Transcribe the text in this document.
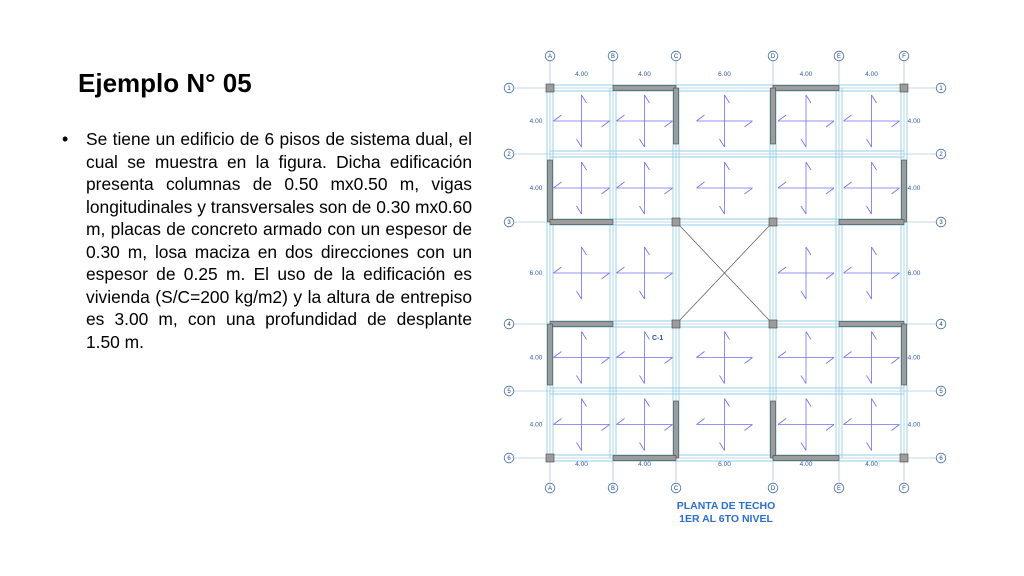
Ejemplo N° 05
• Se tiene un edificio de 6 pisos de sistema dual, el cual se muestra en la figura. Dicha edificación presenta columnas de 0.50 mx0.50 m, vigas longitudinales y transversales son de 0.30 mx0.60 m, placas de concreto armado con un espesor de 0.30 m, losa maciza en dos direcciones con un espesor de 0.25 m. El uso de la edificación es vivienda (S/C=200 kg/m2) y la altura de entrepiso es 3.00 m, con una profundidad de desplante 1.50 m.

4.00
4.00
4.00
4.00
6.00
6.00
4.00
4.00
4.00
4.00
4.00	4.00
4.00	4.00
6.00	6.00
4.00	4.00
4.00	4.00
A
A
B
B
C
C
D
D
E
E
F
F
1	1
2	2
3	3
4	4
5	5
6	6
C-1
PLANTA DE TECHO
1ER AL 6TO NIVEL
